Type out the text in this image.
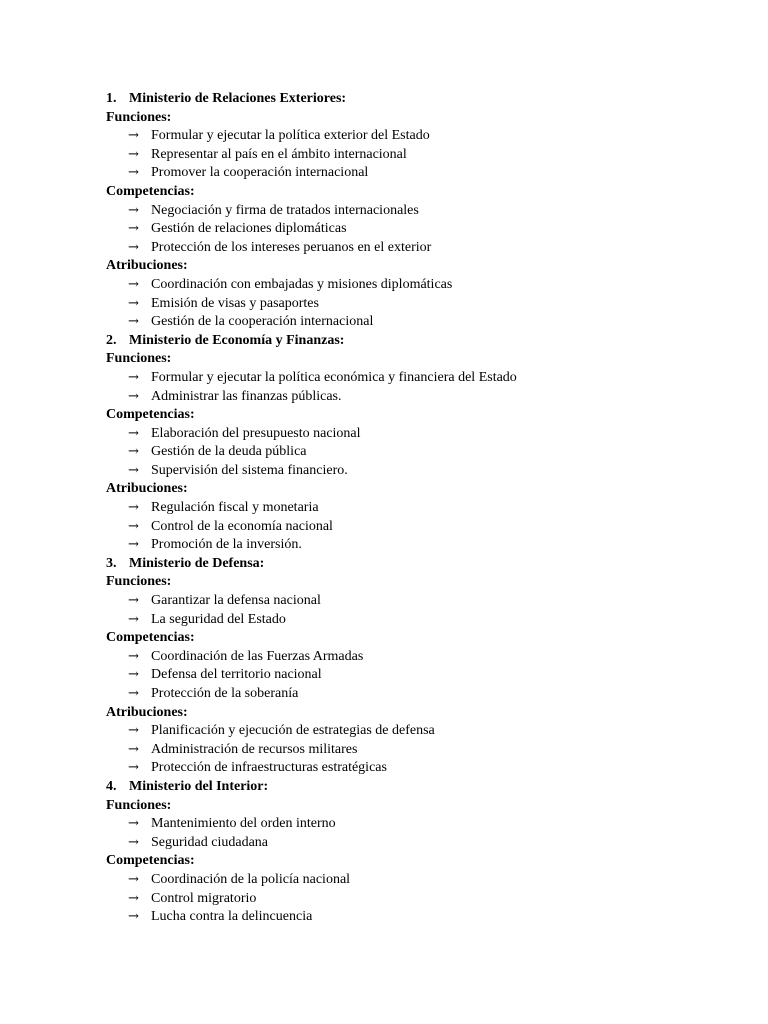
1. Ministerio de Relaciones Exteriores:
Funciones:
→ Formular y ejecutar la política exterior del Estado
→ Representar al país en el ámbito internacional
→ Promover la cooperación internacional
Competencias:
→ Negociación y firma de tratados internacionales
→ Gestión de relaciones diplomáticas
→ Protección de los intereses peruanos en el exterior
Atribuciones:
→ Coordinación con embajadas y misiones diplomáticas
→ Emisión de visas y pasaportes
→ Gestión de la cooperación internacional
2. Ministerio de Economía y Finanzas:
Funciones:
→ Formular y ejecutar la política económica y financiera del Estado
→ Administrar las finanzas públicas.
Competencias:
→ Elaboración del presupuesto nacional
→ Gestión de la deuda pública
→ Supervisión del sistema financiero.
Atribuciones:
→ Regulación fiscal y monetaria
→ Control de la economía nacional
→ Promoción de la inversión.
3. Ministerio de Defensa:
Funciones:
→ Garantizar la defensa nacional
→ La seguridad del Estado
Competencias:
→ Coordinación de las Fuerzas Armadas
→ Defensa del territorio nacional
→ Protección de la soberanía
Atribuciones:
→ Planificación y ejecución de estrategias de defensa
→ Administración de recursos militares
→ Protección de infraestructuras estratégicas
4. Ministerio del Interior:
Funciones:
→ Mantenimiento del orden interno
→ Seguridad ciudadana
Competencias:
→ Coordinación de la policía nacional
→ Control migratorio
→ Lucha contra la delincuencia
